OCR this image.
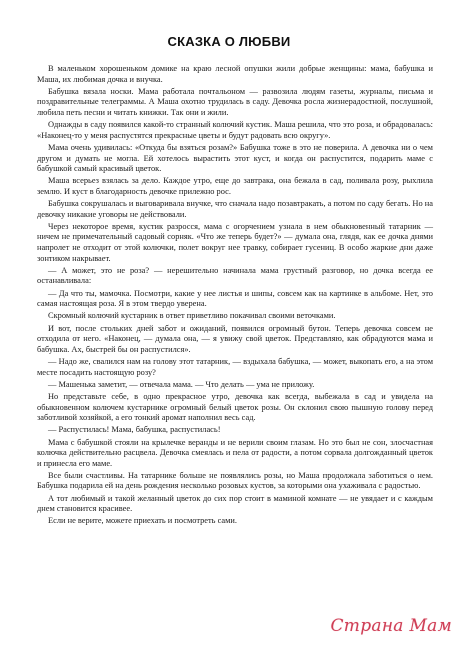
СКАЗКА О ЛЮБВИ

В маленьком хорошеньком домике на краю лесной опушки жили добрые женщины: мама, бабушка и Маша, их любимая дочка и внучка.

Бабушка вязала носки. Мама работала почтальоном — развозила людям газеты, журналы, письма и поздравительные телеграммы. А Маша охотно трудилась в саду. Девочка росла жизнерадостной, послушной, любила петь песни и читать книжки. Так они и жили.

Однажды в саду появился какой-то странный колючий кустик. Маша решила, что это роза, и обрадовалась: «Наконец-то у меня распустятся прекрасные цветы и будут радовать всю округу».

Мама очень удивилась: «Откуда бы взяться розам?» Бабушка тоже в это не поверила. А девочка ни о чем другом и думать не могла. Ей хотелось вырастить этот куст, и когда он распустится, подарить маме с бабушкой самый красивый цветок.

Маша всерьез взялась за дело. Каждое утро, еще до завтрака, она бежала в сад, поливала розу, рыхлила землю. И куст в благодарность девочке прилежно рос.

Бабушка сокрушалась и выговаривала внучке, что сначала надо позавтракать, а потом по саду бегать. Но на девочку никакие уговоры не действовали.

Через некоторое время, кустик разросся, мама с огорчением узнала в нем обыкновенный татарник — ничем не примечательный садовый сорняк. «Что же теперь будет?» — думала она, глядя, как ее дочка днями напролет не отходит от этой колючки, полет вокруг нее травку, собирает гусениц. В особо жаркие дни даже зонтиком накрывает.

— А может, это не роза? — нерешительно начинала мама грустный разговор, но дочка всегда ее останавливала:

— Да что ты, мамочка. Посмотри, какие у нее листья и шипы, совсем как на картинке в альбоме. Нет, это самая настоящая роза. Я в этом твердо уверена.

Скромный колючий кустарник в ответ приветливо покачивал своими веточками.

И вот, после стольких дней забот и ожиданий, появился огромный бутон. Теперь девочка совсем не отходила от него. «Наконец, — думала она, — я увижу свой цветок. Представляю, как обрадуются мама и бабушка. Ах, быстрей бы он распустился».

— Надо же, свалился нам на голову этот татарник, — вздыхала бабушка, — может, выкопать его, а на этом месте посадить настоящую розу?

— Машенька заметит, — отвечала мама. — Что делать — ума не приложу.

Но представьте себе, в одно прекрасное утро, девочка как всегда, выбежала в сад и увидела на обыкновенном колючем кустарнике огромный белый цветок розы. Он склонил свою пышную голову перед заботливой хозяйкой, а его тонкий аромат наполнил весь сад.

— Распустилась! Мама, бабушка, распустилась!

Мама с бабушкой стояли на крылечке веранды и не верили своим глазам. Но это был не сон, злосчастная колючка действительно расцвела. Девочка смеялась и пела от радости, а потом сорвала долгожданный цветок и принесла его маме.

Все были счастливы. На татарнике больше не появлялись розы, но Маша продолжала заботиться о нем. Бабушка подарила ей на день рождения несколько розовых кустов, за которыми она ухаживала с радостью.

А тот любимый и такой желанный цветок до сих пор стоит в маминой комнате — не увядает и с каждым днем становится красивее.

Если не верите, можете приехать и посмотреть сами.

Страна Мам
